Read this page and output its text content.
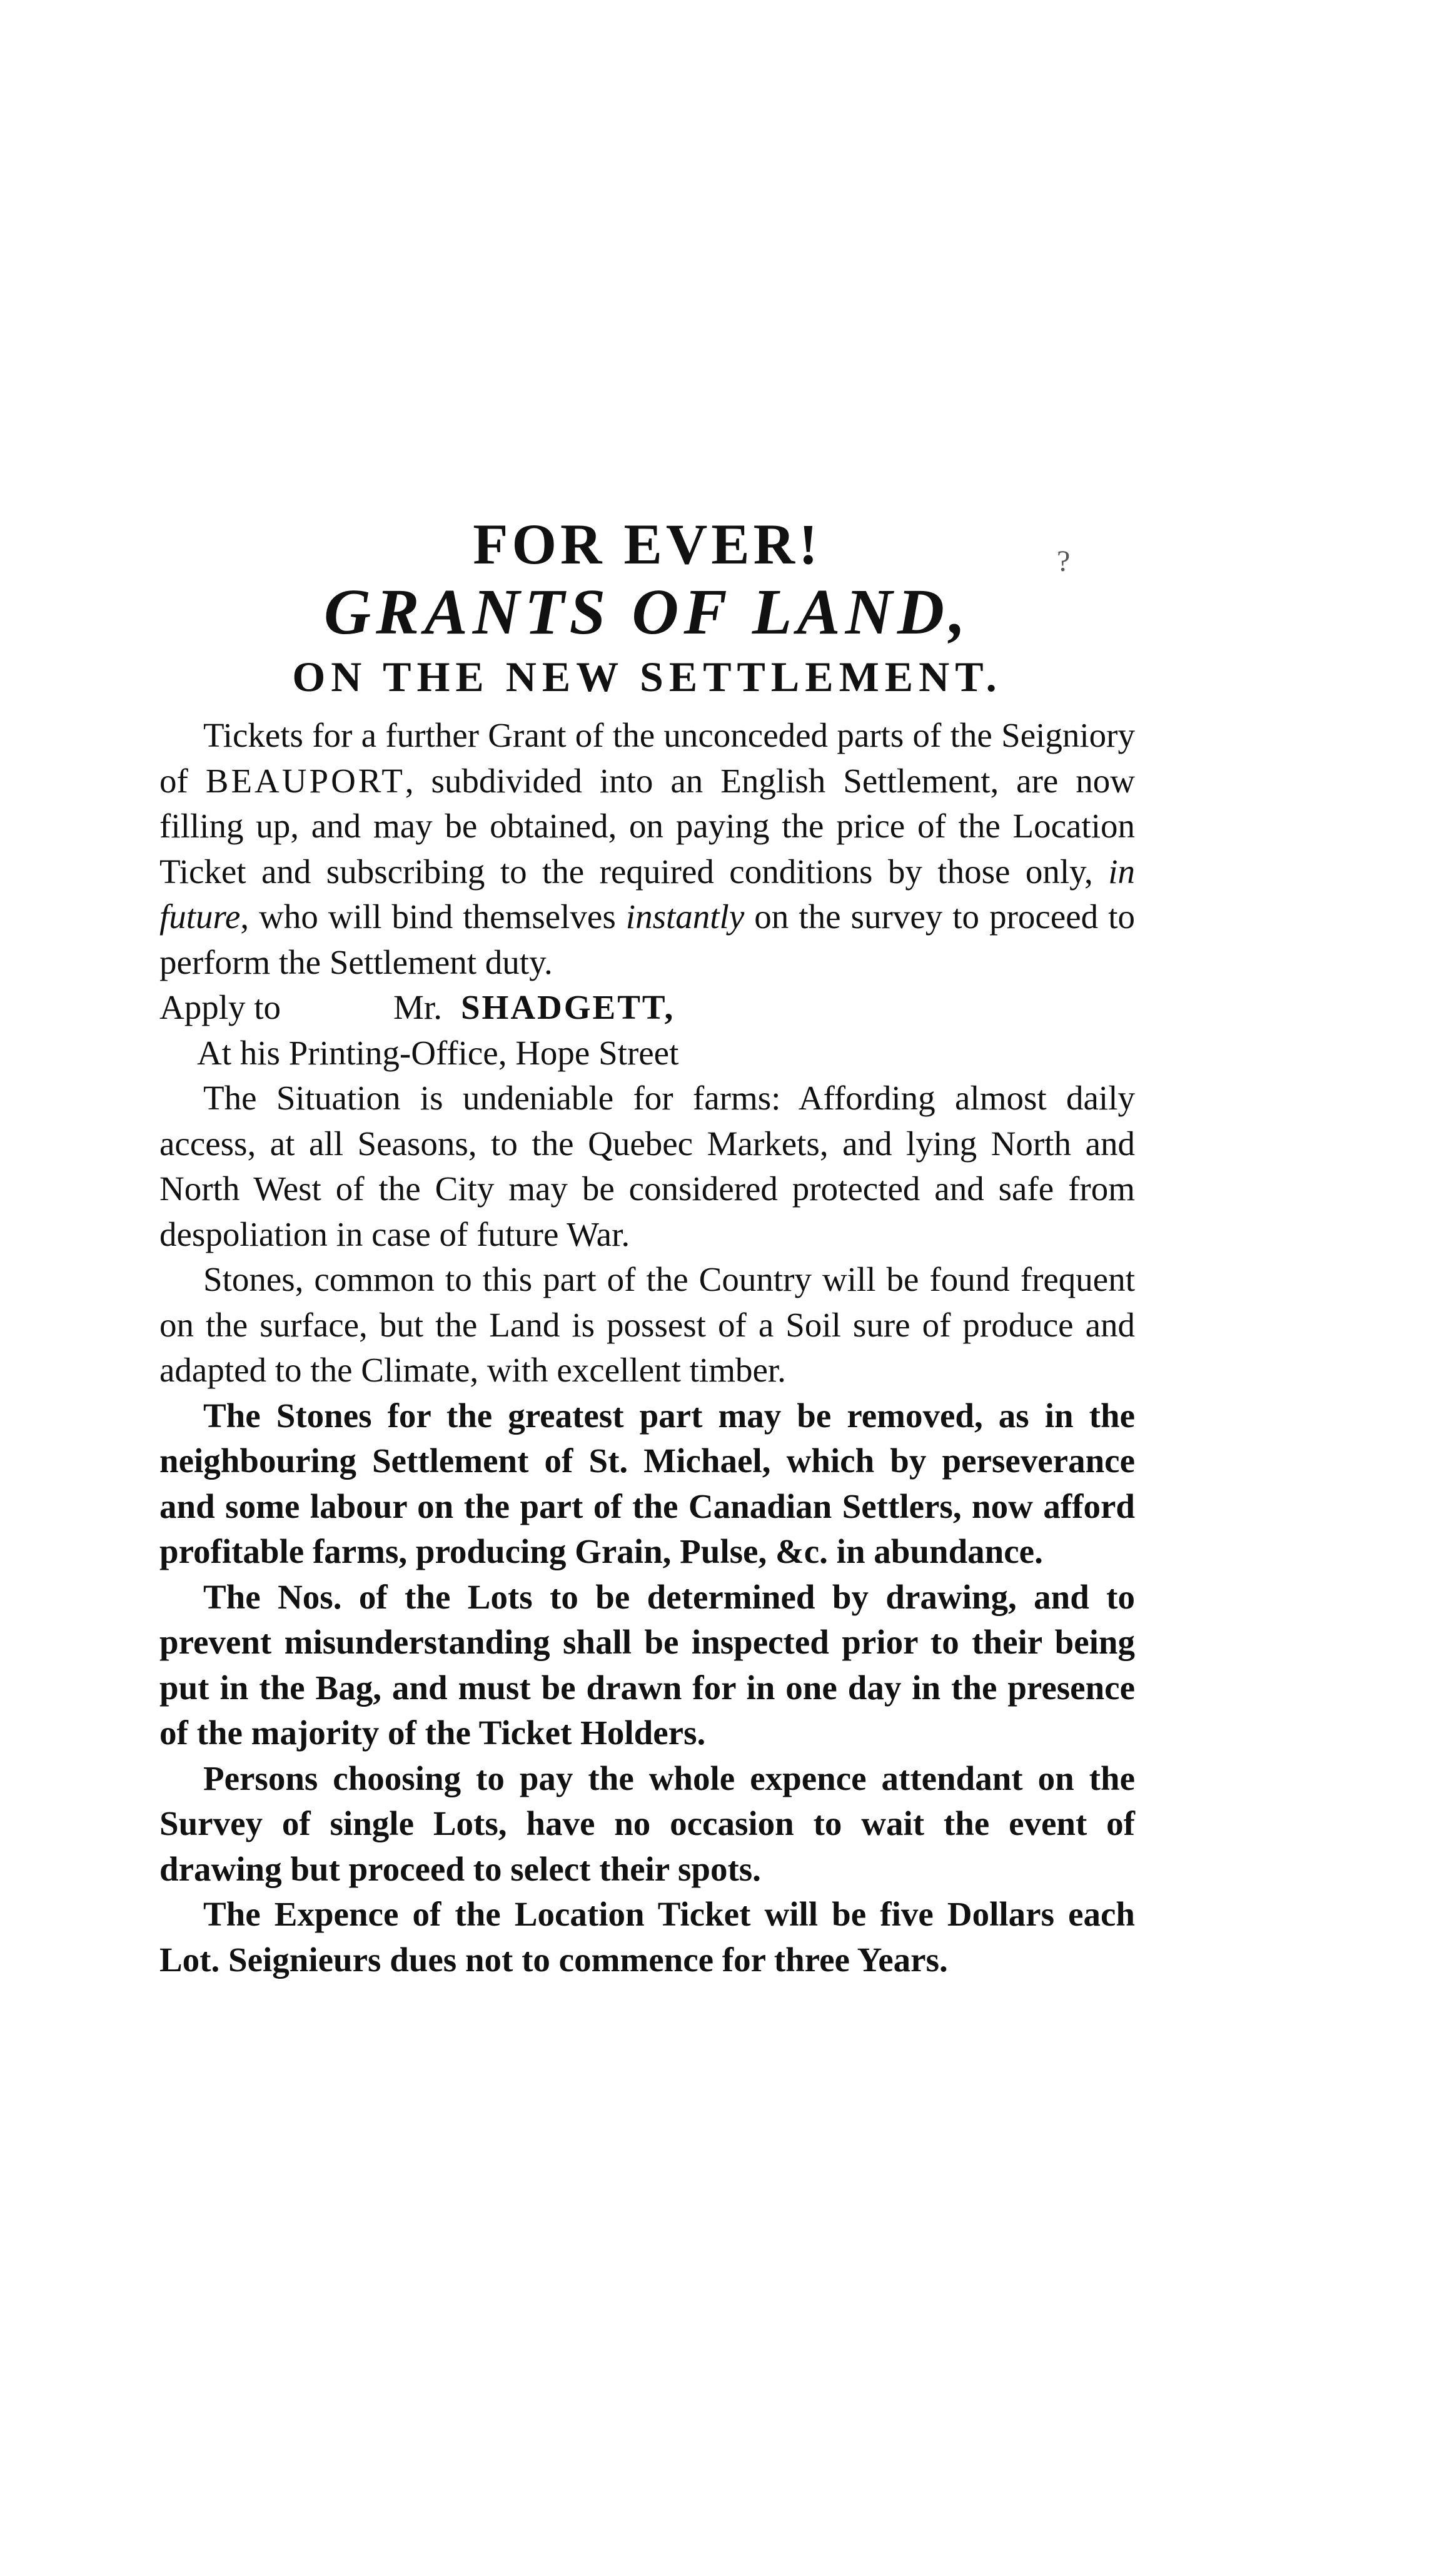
?
FOR EVER!
GRANTS OF LAND,
ON THE NEW SETTLEMENT.

Tickets for a further Grant of the unconceded parts of the Seigniory of BEAUPORT, subdivided into an English Settlement, are now filling up, and may be obtained, on paying the price of the Location Ticket and subscribing to the required conditions by those only, in future, who will bind themselves instantly on the survey to proceed to perform the Settlement duty.

Apply to	Mr. SHADGETT,

At his Printing-Office, Hope Street

The Situation is undeniable for farms: Affording almost daily access, at all Seasons, to the Quebec Markets, and lying North and North West of the City may be considered protected and safe from despoliation in case of future War.

Stones, common to this part of the Country will be found frequent on the surface, but the Land is possest of a Soil sure of produce and adapted to the Climate, with excellent timber.

The Stones for the greatest part may be removed, as in the neighbouring Settlement of St. Michael, which by perseverance and some labour on the part of the Canadian Settlers, now afford profitable farms, producing Grain, Pulse, &c. in abundance.

The Nos. of the Lots to be determined by drawing, and to prevent misunderstanding shall be inspected prior to their being put in the Bag, and must be drawn for in one day in the presence of the majority of the Ticket Holders.

Persons choosing to pay the whole expence attendant on the Survey of single Lots, have no occasion to wait the event of drawing but proceed to select their spots.

The Expence of the Location Ticket will be five Dollars each Lot. Seignieurs dues not to commence for three Years.
